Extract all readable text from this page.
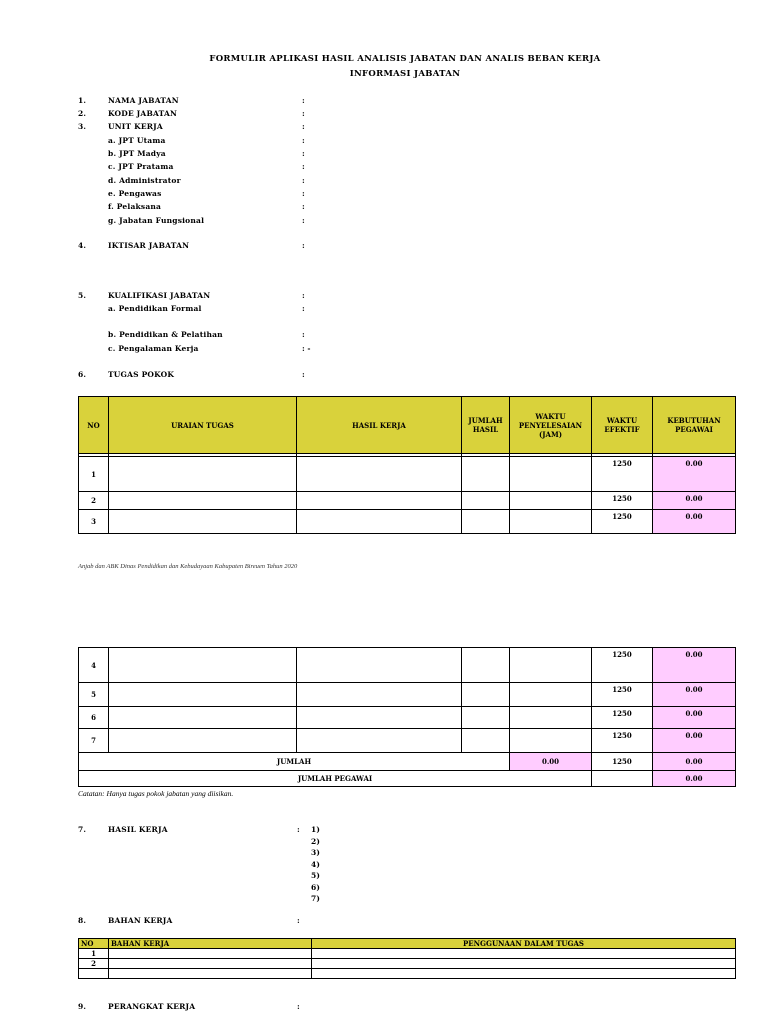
FORMULIR APLIKASI HASIL ANALISIS JABATAN DAN ANALIS BEBAN KERJA
INFORMASI JABATAN
1.	NAMA JABATAN	:
2.	KODE JABATAN	:
3.	UNIT KERJA	:
a. JPT Utama	:
b. JPT Madya	:
c. JPT Pratama	:
d. Administrator	:
e. Pengawas	:
f. Pelaksana	:
g. Jabatan Fungsional	:
4.	IKTISAR JABATAN	:
5.	KUALIFIKASI JABATAN	:
a. Pendidikan Formal	:
b. Pendidikan & Pelatihan	:
c. Pengalaman Kerja	: -
6.	TUGAS POKOK	:
NO	URAIAN TUGAS	HASIL KERJA	JUMLAH HASIL	WAKTU PENYELESAIAN (JAM)	WAKTU EFEKTIF	KEBUTUHAN PEGAWAI

1					1250	0.00
2					1250	0.00
3					1250	0.00
Anjab dan ABK Dinas Pendidikan dan Kebudayaan Kabupaten Bireuen Tahun 2020
4					1250	0.00
5					1250	0.00
6					1250	0.00
7					1250	0.00
JUMLAH				0.00	1250	0.00
JUMLAH PEGAWAI						0.00
Catatan: Hanya tugas pokok jabatan yang diisikan.
7.	HASIL KERJA	: 1)
2)
3)
4)
5)
6)
7)
8.	BAHAN KERJA	:
NO	BAHAN KERJA	PENGGUNAAN DALAM TUGAS
1		
2		

9.	PERANGKAT KERJA	:
